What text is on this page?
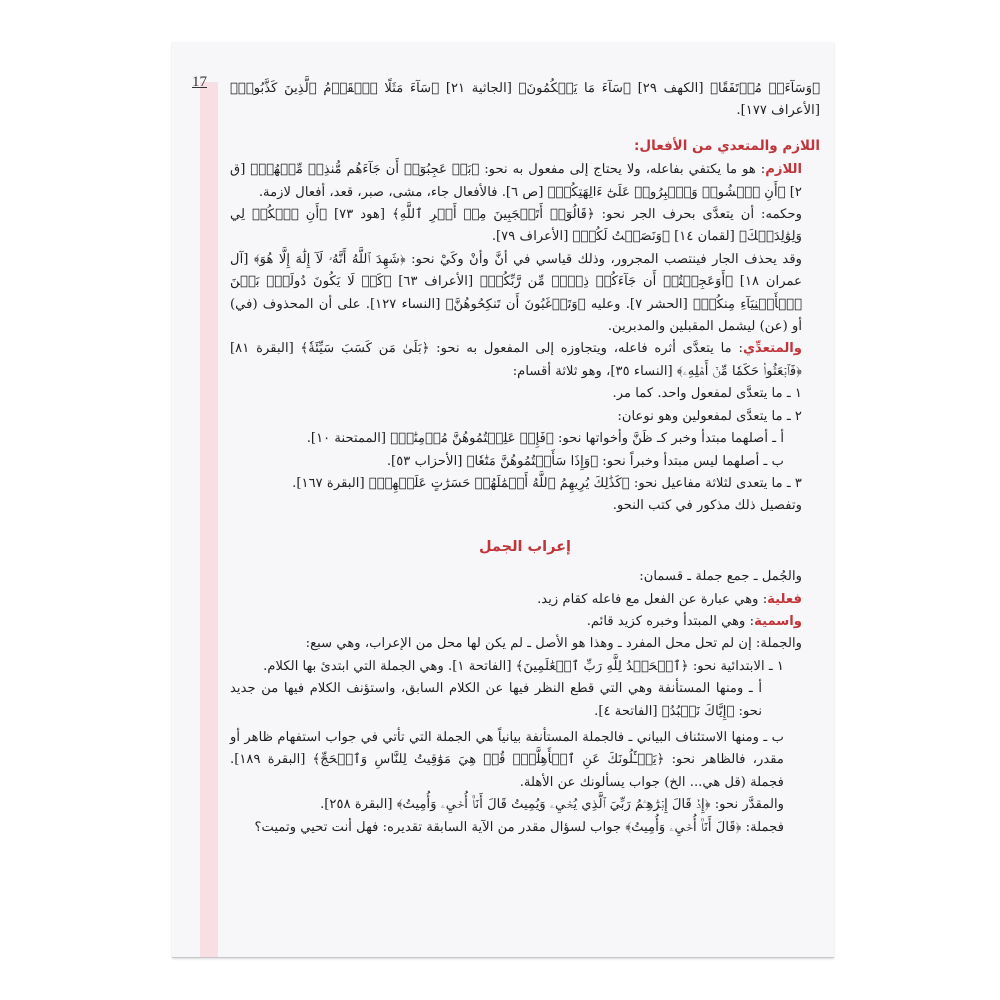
17 ﴿وَسَآءَتۡ مُرۡتَفَقًا﴾ [الكهف ٢٩] ﴿سَآءَ مَا يَحۡكُمُونَ﴾ [الجاثية ٢١] ﴿سَآءَ مَثَلًا ٱلۡقَوۡمُ ٱلَّذِينَ كَذَّبُوا۟﴾ [الأعراف ١٧٧].

اللازم والمتعدي من الأفعال:

اللازم: هو ما يكتفي بفاعله، ولا يحتاج إلى مفعول به نحو: ﴿بَلۡ عَجِبُوٓا۟ أَن جَآءَهُم مُّنذِرٞ مِّنۡهُمۡ﴾ [ق ٢] ﴿أَنِ ٱمۡشُوا۟ وَٱصۡبِرُوا۟ عَلَىٰٓ ءَالِهَتِكُمۡ﴾ [ص ٦]. فالأفعال جاء، مشى، صبر، قعد، أفعال لازمة.

وحكمه: أن يتعدَّى بحرف الجر نحو: ﴿قَالُوٓا۟ أَتَعۡجَبِينَ مِنۡ أَمۡرِ ٱللَّهِ﴾ [هود ٧٣] ﴿أَنِ ٱشۡكُرۡ لِي وَلِوَٰلِدَيۡكَ﴾ [لقمان ١٤] ﴿وَنَصَحۡتُ لَكُمۡ﴾ [الأعراف ٧٩].

وقد يحذف الجار فينتصب المجرور، وذلك قياسي في أنَّ وأنْ وكَيْ نحو: ﴿شَهِدَ ٱللَّهُ أَنَّهُۥ لَآ إِلَٰهَ إِلَّا هُوَ﴾ [آل عمران ١٨] ﴿أَوَعَجِبۡتُمۡ أَن جَآءَكُمۡ ذِكۡرٞ مِّن رَّبِّكُمۡ﴾ [الأعراف ٦٣] ﴿كَيۡ لَا يَكُونَ دُولَةَۢ بَيۡنَ ٱلۡأَغۡنِيَآءِ مِنكُمۡ﴾ [الحشر ٧]. وعليه ﴿وَتَرۡغَبُونَ أَن تَنكِحُوهُنَّ﴾ [النساء ١٢٧]. على أن المحذوف (في) أو (عن) ليشمل المقبلين والمدبرين.

والمتعدِّي: ما يتعدَّى أثره فاعله، ويتجاوزه إلى المفعول به نحو: ﴿بَلَىٰ مَن كَسَبَ سَيِّئَةٗ﴾ [البقرة ٨١] ﴿فَٱبۡعَثُوا۟ حَكَمٗا مِّنۡ أَهۡلِهِۦ﴾ [النساء ٣٥]، وهو ثلاثة أقسام:

١ ـ ما يتعدَّى لمفعول واحد. كما مر.

٢ ـ ما يتعدَّى لمفعولين وهو نوعان:

أ ـ أصلهما مبتدأ وخبر كـ ظَنَّ وأخواتها نحو: ﴿فَإِنۡ عَلِمۡتُمُوهُنَّ مُؤۡمِنَٰتٖ﴾ [الممتحنة ١٠].

ب ـ أصلهما ليس مبتدأ وخبراً نحو: ﴿وَإِذَا سَأَلۡتُمُوهُنَّ مَتَٰعٗا﴾ [الأحزاب ٥٣].

٣ ـ ما يتعدى لثلاثة مفاعيل نحو: ﴿كَذَٰلِكَ يُرِيهِمُ ٱللَّهُ أَعۡمَٰلَهُمۡ حَسَرَٰتٍ عَلَيۡهِمۡ﴾ [البقرة ١٦٧].

وتفصيل ذلك مذكور في كتب النحو.

إعراب الجمل

والجُمل ـ جمع جملة ـ قسمان:

فعلية: وهي عبارة عن الفعل مع فاعله كقام زيد.

واسمية: وهي المبتدأ وخبره كزيد قائم.

والجملة: إن لم تحل محل المفرد ـ وهذا هو الأصل ـ لم يكن لها محل من الإعراب، وهي سبع:

١ ـ الابتدائية نحو: ﴿ٱلۡحَمۡدُ لِلَّهِ رَبِّ ٱلۡعَٰلَمِينَ﴾ [الفاتحة ١]. وهي الجملة التي ابتدئ بها الكلام.

أ ـ ومنها المستأنفة وهي التي قطع النظر فيها عن الكلام السابق، واستؤنف الكلام فيها من جديد نحو: ﴿إِيَّاكَ نَعۡبُدُ﴾ [الفاتحة ٤].

ب ـ ومنها الاستئناف البياني ـ فالجملة المستأنفة بيانياً هي الجملة التي تأتي في جواب استفهام ظاهر أو مقدر، فالظاهر نحو: ﴿يَسۡـَٔلُونَكَ عَنِ ٱلۡأَهِلَّةِۖ قُلۡ هِيَ مَوَٰقِيتُ لِلنَّاسِ وَٱلۡحَجِّ﴾ [البقرة ١٨٩]. فجملة (قل هي... الخ) جواب يسألونك عن الأهلة.

والمقدَّر نحو: ﴿إِذۡ قَالَ إِبۡرَٰهِـۧمُ رَبِّيَ ٱلَّذِي يُحۡيِۦ وَيُمِيتُ قَالَ أَنَا۠ أُحۡيِۦ وَأُمِيتُ﴾ [البقرة ٢٥٨].

فجملة: ﴿قَالَ أَنَا۠ أُحۡيِۦ وَأُمِيتُ﴾ جواب لسؤال مقدر من الآية السابقة تقديره: فهل أنت تحيي وتميت؟
